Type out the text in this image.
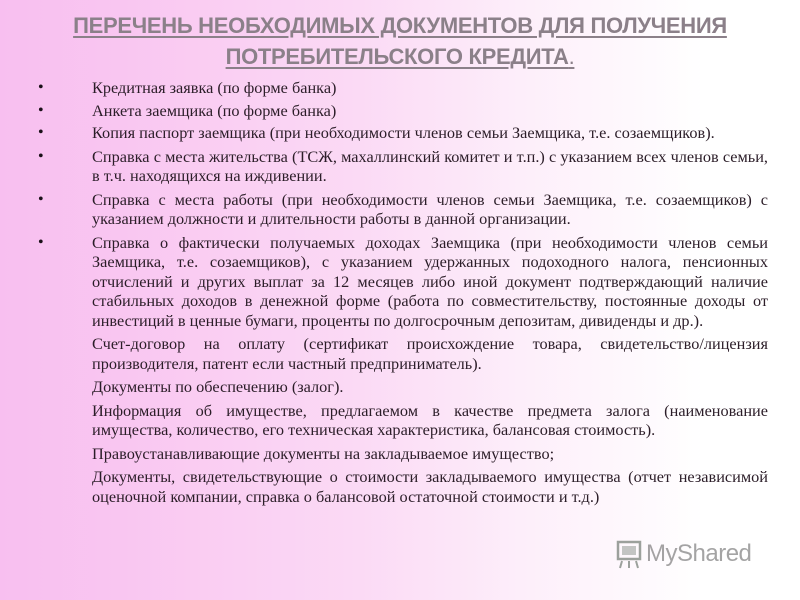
ПЕРЕЧЕНЬ НЕОБХОДИМЫХ ДОКУМЕНТОВ ДЛЯ ПОЛУЧЕНИЯ
ПОТРЕБИТЕЛЬСКОГО КРЕДИТА.
•	Кредитная заявка (по форме банка)
•	Анкета заемщика (по форме банка)
•	Копия паспорт заемщика (при необходимости членов семьи Заемщика, т.е. созаемщиков).
•	Справка с места жительства (ТСЖ, махаллинский комитет и т.п.) с указанием всех членов семьи, в т.ч. находящихся на иждивении.
•	Справка с места работы (при необходимости членов семьи Заемщика, т.е. созаемщиков) с указанием должности и длительности работы в данной организации.
•	Справка о фактически получаемых доходах Заемщика (при необходимости членов семьи Заемщика, т.е. созаемщиков), с указанием удержанных подоходного налога, пенсионных отчислений и других выплат за 12 месяцев либо иной документ подтверждающий наличие стабильных доходов в денежной форме (работа по совместительству, постоянные доходы от инвестиций в ценные бумаги, проценты по долгосрочным депозитам, дивиденды и др.).
Счет-договор на оплату (сертификат происхождение товара, свидетельство/лицензия производителя, патент если частный предприниматель).
Документы по обеспечению (залог).
Информация об имуществе, предлагаемом в качестве предмета залога (наименование имущества, количество, его техническая характеристика, балансовая стоимость).
Правоустанавливающие документы на закладываемое имущество;
Документы, свидетельствующие о стоимости закладываемого имущества (отчет независимой оценочной компании, справка о балансовой остаточной стоимости и т.д.)
MyShared
